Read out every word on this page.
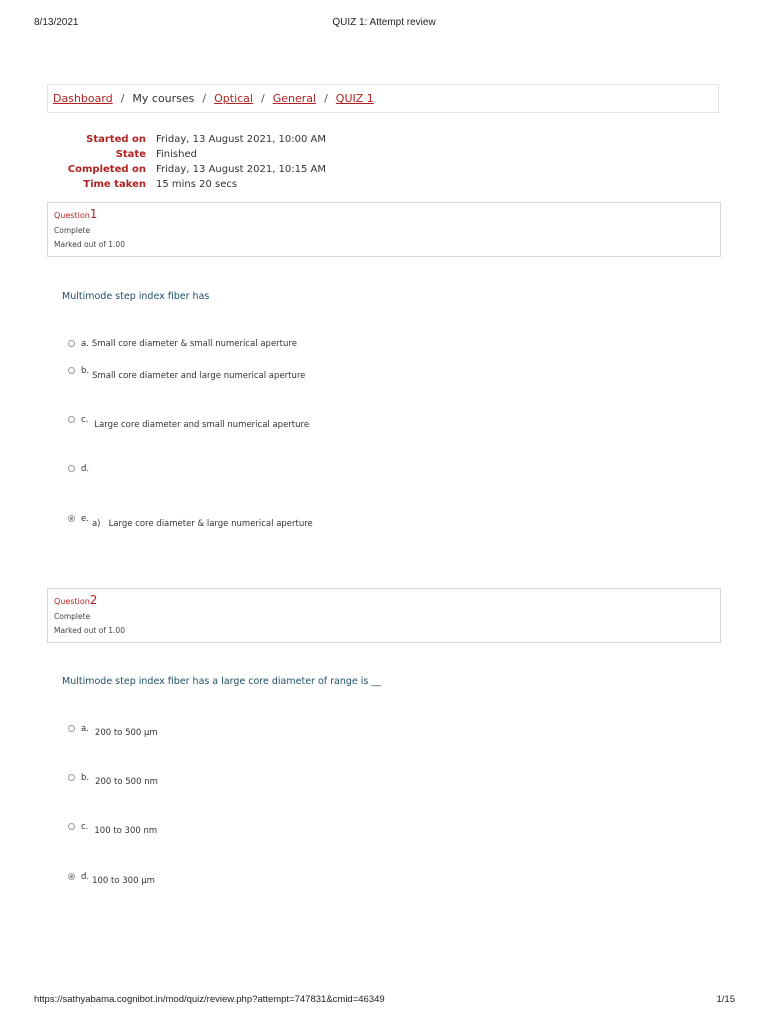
8/13/2021	QUIZ 1: Attempt review
Dashboard / My courses / Optical / General / QUIZ 1
Started on Friday, 13 August 2021, 10:00 AM
State Finished
Completed on Friday, 13 August 2021, 10:15 AM
Time taken 15 mins 20 secs
Question1
Complete
Marked out of 1.00
Multimode step index fiber has
a. Small core diameter & small numerical aperture
b. Small core diameter and large numerical aperture
c. Large core diameter and small numerical aperture
d.
e. a)   Large core diameter & large numerical aperture
Question2
Complete
Marked out of 1.00
Multimode step index fiber has a large core diameter of range is __
a. 200 to 500 μm
b. 200 to 500 nm
c. 100 to 300 nm
d. 100 to 300 μm
https://sathyabama.cognibot.in/mod/quiz/review.php?attempt=747831&cmid=46349	1/15
